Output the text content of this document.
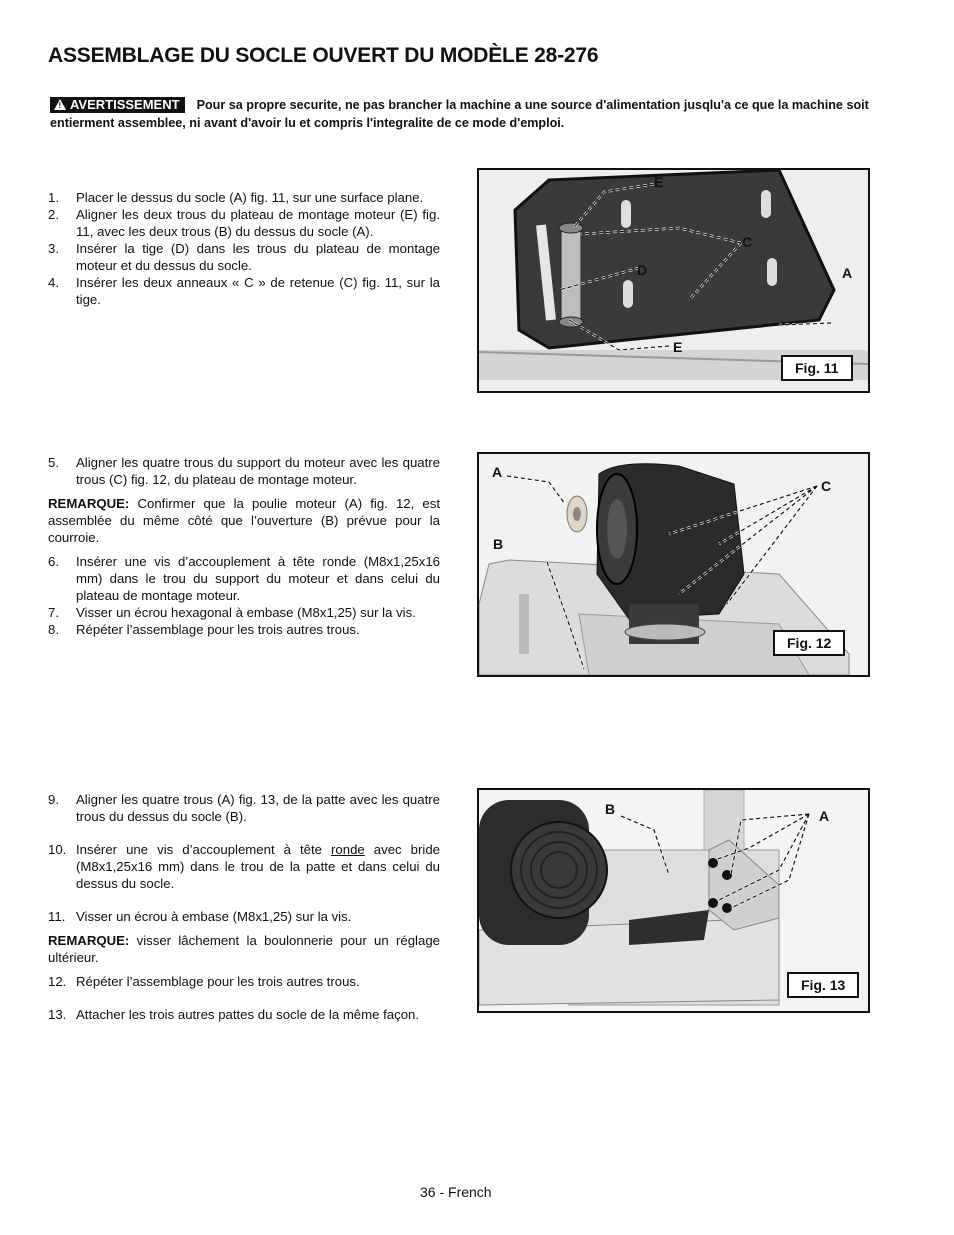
ASSEMBLAGE DU SOCLE OUVERT DU MODÈLE 28-276
! AVERTISSEMENT Pour sa propre securite, ne pas brancher la machine a une source d'alimentation jusqlu'a ce que la machine soit entierment assemblee, ni avant d'avoir lu et compris l'integralite de ce mode d'emploi.
1.	Placer le dessus du socle (A) fig. 11, sur une surface plane.
2.	Aligner les deux trous du plateau de montage moteur (E) fig. 11, avec les deux trous (B) du dessus du socle (A).
3.	Insérer la tige (D) dans les trous du plateau de montage moteur et du dessus du socle.
4.	Insérer les deux anneaux « C » de retenue (C) fig. 11, sur la tige.
E
C
D	A
E
Fig. 11
5.	Aligner les quatre trous du support du moteur avec les quatre trous (C) fig. 12, du plateau de montage moteur.

REMARQUE: Confirmer que la poulie moteur (A) fig. 12, est assemblée du même côté que l’ouverture (B) prévue pour la courroie.

6.	Insérer une vis d’accouplement à tête ronde (M8x1,25x16 mm) dans le trou du support du moteur et dans celui du plateau de montage moteur.
7.	Visser un écrou hexagonal à embase (M8x1,25) sur la vis.
8.	Répéter l’assemblage pour les trois autres trous.
A
B
C
Fig. 12
9.	Aligner les quatre trous (A) fig. 13, de la patte avec les quatre trous du dessus du socle (B).
10. Insérer une vis d’accouplement à tête ronde avec bride (M8x1,25x16 mm) dans le trou de la patte et dans celui du dessus du socle.
11. Visser un écrou à embase (M8x1,25) sur la vis.

REMARQUE: visser lâchement la boulonnerie pour un réglage ultérieur.

12. Répéter l’assemblage pour les trois autres trous.
13. Attacher les trois autres pattes du socle de la même façon.
B	A
Fig. 13
36 - French
